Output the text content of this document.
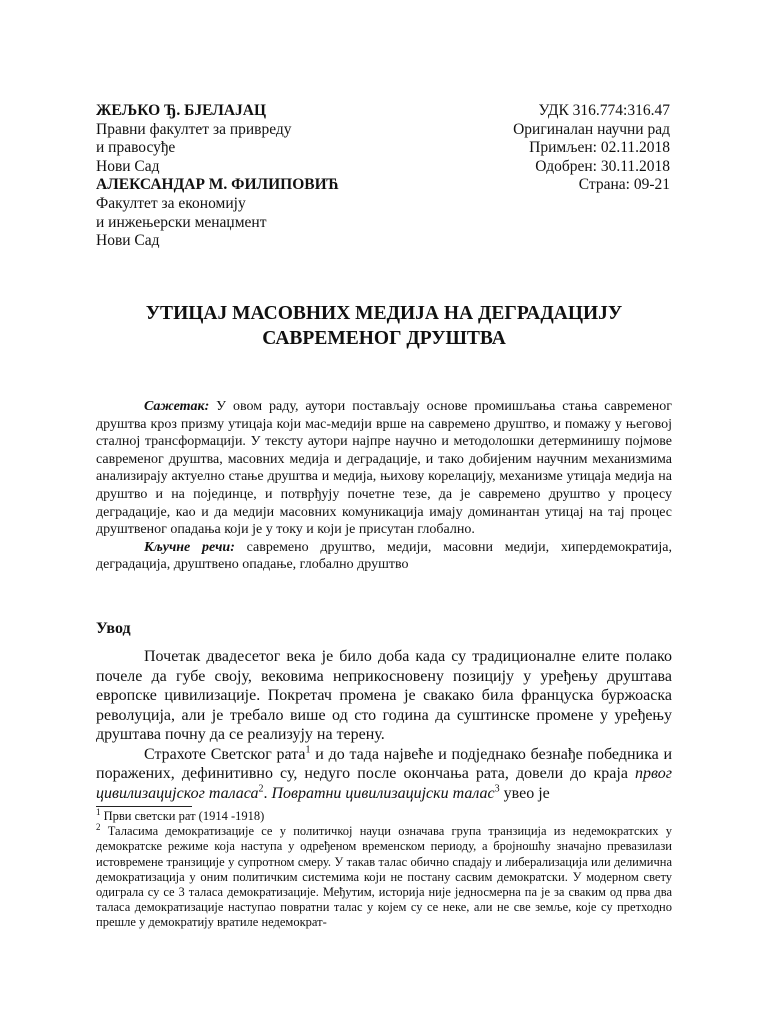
ЖЕЉКО Ђ. БЈЕЛАЈАЦ
Правни факултет за привреду
и правосуђе
Нови Сад
АЛЕКСАНДАР М. ФИЛИПОВИЋ
Факултет за економију
и инжењерски менаџмент
Нови Сад
УДК 316.774:316.47
Оригиналан научни рад
Примљен: 02.11.2018
Одобрен: 30.11.2018
Страна: 09-21
УТИЦАЈ МАСОВНИХ МЕДИЈА НА ДЕГРАДАЦИЈУ
САВРЕМЕНОГ ДРУШТВА

Сажетак: У овом раду, аутори постављају основе промишљања стања савременог друштва кроз призму утицаја који мас-медији врше на савремено друштво, и помажу у његовој сталној трансформацији. У тексту аутори најпре научно и методолошки детерминишу појмове савременог друштва, масовних медија и деградације, и тако добијеним научним механизмима анализирају актуелно стање друштва и медија, њихову корелацију, механизме утицаја медија на друштво и на појединце, и потврђују почетне тезе, да је савремено друштво у процесу деградације, као и да медији масовних комуникација имају доминантан утицај на тај процес друштвеног опадања који је у току и који је присутан глобално.

Кључне речи: савремено друштво, медији, масовни медији, хипердемократија, деградација, друштвено опадање, глобално друштво

Увод

Почетак двадесетог века је било доба када су традиционалне елите полако почеле да губе своју, вековима неприкосновену позицију у уређењу друштава европске цивилизације. Покретач промена је свакако била француска буржоаска револуција, али је требало више од сто година да суштинске промене у уређењу друштава почну да се реализују на терену.

Страхоте Светског рата$^1$ и до тада највеће и подједнако безнађе победника и поражених, дефинитивно су, недуго после окончања рата, довели до краја првог цивилизацијског таласа$^2$. Повратни цивилизацијски талас$^3$ увео је

$^1$ Први светски рат (1914 -1918)

$^2$ Таласима демократизације се у политичкој науци означава група транзиција из недемократских у демократске режиме која наступа у одређеном временском периоду, а бројношћу значајно превазилази истовремене транзиције у супротном смеру. У такав талас обично спадају и либерализација или делимична демократизација у оним политичким системима који не постану сасвим демократски. У модерном свету одиграла су се 3 таласа демократизације. Међутим, историја није једносмерна па је за сваким од прва два таласа демократизације наступао повратни талас у којем су се неке, али не све земље, које су претходно прешле у демократију вратиле недемократ-
